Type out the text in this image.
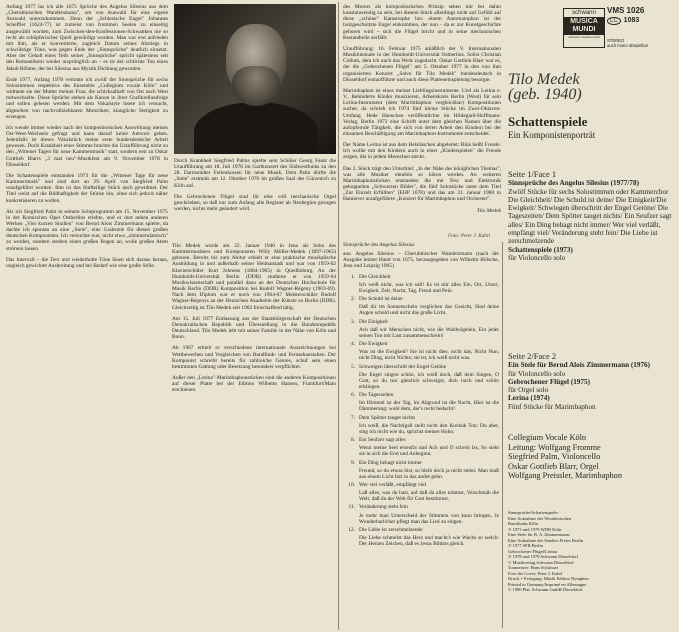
Anfang 1977 las ich alle 1675 Sprüche des Angelus Silesius aus dem „Cherubinischen Wandersmann", um von Auswahl für eine eigene Auswahl unterzukommen. Denn der „Schlesische Engel" Johannes Scheffler (1624-77) ist zumeist von frommen Seelen zu einseitig ausgewählt worden, zum Zwischen-den-Konfessionen-Schwanken nie so recht als schöpferischer Quell gewürdigt worden. Man war erst aufrieden mit ihm, als er konvertierte, zugleich Datum seines Abstiegs in schwülstige Töne, was gegen Ende der „Sinnsprüche" deutlich einsetzt. Aber der Gehalt eines Teils seiner „Sinnsprüche" spricht spätestens seit den Romantikern wieder ursprünglich an – es ist der schlichte Ton eines Jakob Böhme, der bei Silesius aus Mystik Dichtung geworden.

Ende 1977, Anfang 1978 vertonte ich zwölf der Sinnsprüche für sechs Solostimmen respektive des Ensemble „Collegium vocale Köln" und widmete sie der Mutter meiner Frau, die schicksalhaft von Ost nach West mitwechselte. Diese Sprüche stehen als Kanon in ihrer Grafikreihenfolge und sollen gelesen werden: Mit dem Vokalstyle lotete ich versucht, abgesehen von nachvollziehbaren Motoriken, klangliche Stetigkeit zu erzeugen.

Ich wende immer wieder nach der kompositorischen Auswirkung meines Ost-West-Wechsels gefragt und kann darauf keine Antwort geben. Jedenfalls ist dieses Vokalstück meine erste bundesdeutsche Arbeit gewesen. Doch Krankheit einer Stimme brachte die Uraufführung nicht zu den „Wittener Tagen für neue Kammermusik" statt, sondern erst zu Oskar Gottlieb Blarrs „3 mal neu"-Musikfest am 9. November 1978 in Düsseldorf.

Die Schattenspiele entstanden 1973 für die „Wittener Tage für neue Kammermusik" und sind dort an 29. April von Siegfried Palm uraufgeführt worden. Ihm ist das fünfteilige Stück auch gewidmet. Der Titel weist auf die Bildhaftigkeit der Stücke hin, ohne sich jedoch näher konkretisieren zu wollen.

Als ich Siegfried Palm in seinem Soloprogramm am 15. November 1975 in der Komischen Oper Ostberlins erlebte, und er dort neben anderen Werken „Vier kurzen Studien" von Bernd Alois Zimmermann spielte, da dachte ich spontan an eine „Stele", eine Grabstele für diesen großen deutschen Komponisten. Ich versuchte nun, nicht etwa „zimmermännisch" zu werden, sondern streben einen großen Bogen an, wolle großen Atem strömen lassen.

Das Intervall – die Terz und wiederholte Töne lösen sich daraus heraus, ungleich gewichtet Ausbreitung und bei Bedarf wie eine große Stille.

Durch Krankheit Siegfried Palms spielte sein Schüler Georg Faust die Uraufführung am 18. Juli 1976 im Gartkonzert des Südwestfunks zu den 28. Darmstädter Ferienkursen für neue Musik. Dem Palm dürfte die „Stele" erstmals am 12. Oktober 1976 im großen Saal des Gürzenich zu Köln auf.

Die Gebrochenen Flügel sind für eine voll mechanische Orgel geschrieben, so daß nur zum Anfang alle Register ab Neubeginn gezogen werden, nichts mehr geändert wird.

Tilo Medek wurde am 22. Januar 1940 in Jena als Sohn des Kammermusikers und Komponisten Willy Müller-Medek (1897-1965) geboren. Bereits bis zum Abitur erhielt er eine praktische musikalische Ausbildung in und außerhalb seiner Heimatstadt und war von 1959-62 Klavierschüler Kurt Johnens (1884-1965) in Quedlinburg. An der Humboldt-Universität Berlin (DDR) studierte er von 1959-64 Musikwissenschaft und parallel dazu an der Deutschen Hochschule für Musik Berlin (DDR) Komposition bei Rudolf Wagner-Régeny (1903-69). Nach dem Diplom war er noch von 1964-67 Meisterschüler Rudolf Wagner-Régenys an der Deutschen Akademie der Künste zu Berlin (DDR). Gleichzeitig ist Tilo Medek seit 1962 freischaffend tätig.

Am 15. Juli 1977 Entlassung aus der Staatsbürgerschaft der Deutschen Demokratischen Republik und Übersiedlung in die Bundesrepublik Deutschland. Tilo Medek lebt mit seiner Familie in der Nähe von Köln und Bonn.

Ab 1967 erhielt er verschiedene internationale Auszeichnungen bei Wettbewerben und Vergleichen von Rundfunk- und Fernsehanstalten. Der Komponist schreibt bereits für zahlreiche Genres, schuf sein einen bestimmten Gattung oder Besetzung besonders verpflichtet.

Außer den „Lerina"-Marimbaphonstücken sind die anderen Kompositionen auf dieser Platte bei der Edition Wilhelm Hansen, Frankfurt/Main erschienen.

des Motors als kompositorisches Prinzip sehen mir bei dahin kunstanwendig zu sein, bei diesem Stück allerdings nicht auf Gefühl auf diese „schöne" Katastrophe hin: einem Automatophon ist der holzgeschnitzte Engel einkommen, der nun – da er zur Kunstgeschichte geboren wird – sich die Flügel bricht und in seine mechanischen Bestandteile zerfällt.

Uraufführung: 16. Februar 1975 anläßlich der V. Internationalen Musikbiennale in der Humboldt-Universität Ostberlins. Solist Christian Collum, dem ich auch das Werk zugedacht. Oskar Gottlieb Blarr war es, der die „Gebrochenen Flügel" am 5. Oktober 1977 in den von ihm organisierten Konzert „Salve für Tilo Medek" bundesdeutsch in Düsseldorf erstaufführte und auch diese Platteneinspielung besorgte.

Marimbaphon ist eines meiner Lieblingsinstrumente. Und als Lerina e. V., Behinderte Kinder musizieren, Arbeitskreis Berlin (West) für sein Lerina-Instrument (dem Marimbaphon vergleichbar) Kompositionen suchte, da schrieb ich 1974 fünf kleine Stücke im Zwei-Oktaven-Umfang. Hede Haenchen veröffentlichte im Hildegard-Hoffmann-Verlag, Berlin 1972 eine Schrift unter dem gleichen Namen über die aufopfernde Tätigkeit, die sich von deren Arbeit den Kindern bei der einsamen Beschäftigung am Marimbaphon-Instrumente entscheidet.

Der Name Lerina ist aus dem Hebräischen abgeleitet: Rinà heißt Freude. Ich wollte mit den Kindern auch in einer „Kinderspielen" die Freude zeigen, die in jedem Menschen steckt.

Das 2. Stück trägt den Untertitel: „In der Nähe des königlichen Themas", was alle Musiker ohnehin so hören werden. An weiteren Marimbaphonstücken entstanden die mit Text und Elektronik gekoppelten „Schwarzen Bilder", die fünf Solostücke unter dem Titel „Zur Einzelt Erfüllten" (EHP 1078) und das am 31. Januar 1980 in Hannover uraufgeführte „Konzert für Marimbaphon und Orchester".

Tilo Medek

Foto: Peter J. Kahrl
Sinnsprüche des Angelus Silesius
aus: Angelus Silesius – Cherubinischer Wandersmann (nach der Ausgabe letzter Hand von 1675, herausgegeben von Wilhelm Bölsche, Jena und Leipzig 1905)
1. Die Gleichheit
Ich weiß nicht, was ich soll! Es ist mir alles Ein, Ort, Unort, Ewigkeit, Zeit, Nacht, Tag, Freud und Pein.
2. Die Schuld ist deine
Daß dir im Sonnenschein verglichen das Gesicht, Sind deine Augen schuld und nicht das große Licht.
3. Die Einigkeit
Ach daß wir Menschen nicht, wie die Waldvögelein, Ein jeder seinen Ton mit Lust zusammenschrein!
4. Die Ewigkeit
Was ist die Ewigkeit? Sie ist nicht dies, nicht das, Nicht Nun, nicht Ding, nicht Nichts; sie ist, ich weiß nicht was.
5. Schweigen überschritt der Engel Getöne
Die Engel singen schön, ich weiß doch, daß dein Singen, O Gott, so du nur gänzlich schweigst, dich hoch und schön erklingen.
6. Die Tageszeiten
Im Himmel ist der Tag, im Abgrund ist die Nacht, Hier ist die Dämmerung; wohl dem, der's recht bedacht!
7. Dem Spötter tauget nichts
Ich weiß, die Nachtigall stellt nicht den Kuckuk Ton: Du aber, sing ich nicht wie du, sprichst meiner Hohn.
8. Ein Seufzer sagt alles
Wenn meine Seel erseufzt und Ach und O schreit Iss, So sieht sie in sich die End und Anbeginn.
9. Ein Ding behagt nicht immer
Freund, so du etwas bist, so bleib doch ja nicht stehn: Man muß aus einem Licht fort in das andre gehn.
10. Wer viel verläßt, empfängt viel
Laß alles, was du hast, auf daß du alles nimmst, Verschmäh die Welt, daß du der Welt für Gott bestimmst.
11. Veränderung steht fein
Je mehr man Unterscheid der Stimmen von kann bringen, Je Wunderbarlicher pflegt man das Lied zu singen.
12. Die Liebe ist zerschmelzende
Die Liebe schmelzt das Herz und macht's wie Wachs so weich: Der Herzen Zeichen, daß es Jesus Bildnis gleich.
schwann
MUSICA MUNDI
schwann musica mundi
VMS 1026
LC 1083
STEREO
auch mono abspielbar
Tilo Medek
(geb. 1940)
Schattenspiele
Ein Komponistenporträt
Seite 1/Face 1
Sinnsprüche des Angelus Silesius (1977/78)
Zwölf Stücke für sechs Solostimmen oder Kammerchor
Die Gleichheit/ Die Schuld ist deine/ Die Einigkeit/Die Ewigkeit/ Schwiegen überschritt der Engel Getöne/ Die Tageszeiten/ Dem Spötter tauget nichts/ Ein Seufzer sagt alles/ Ein Ding behagt nicht immer/ Wer viel verläßt, empfängt viel/ Veränderung steht fein/ Die Liebe ist zerschmelzende
Schattenspiele (1973)
für Violoncello solo
Seite 2/Face 2
Ein Stele für Bernd Alois Zimmermann (1976)
für Violoncello solo
Gebrochener Flügel (1975)
für Orgel solo
Lerina (1974)
Fünf Stücke für Marimbaphon
Collegium Vocale Köln
Leitung: Wolfgang Fromme
Siegfried Palm, Violoncello
Oskar Gottlieb Blarr, Orgel
Wolfgang Preissler, Marimbaphon
Sinnsprüche/Schattenspiele:
Eine Aufnahme des Westdeutschen
Rundfunks Köln
℗ 1973 und 1979 WDR Köln
Eine Stele für B. A. Zimmermann:
Eine Aufnahme des Senders Freies Berlin
℗ 1977 SFB Berlin
Gebrochener Flügel/Lerina
℗ 1978 und 1979 Schwann Düsseldorf
© Musikverlag Schwann Düsseldorf
Tonmeister: Hans Schlosser
Foto der Cover: Peter J. Kahrl
Druck + Fertigung: Musik Edition Nymphen
Printed in Germany/Imprimé en Allemagne
© 1980 Plat. Schwann GmbH Düsseldorf
